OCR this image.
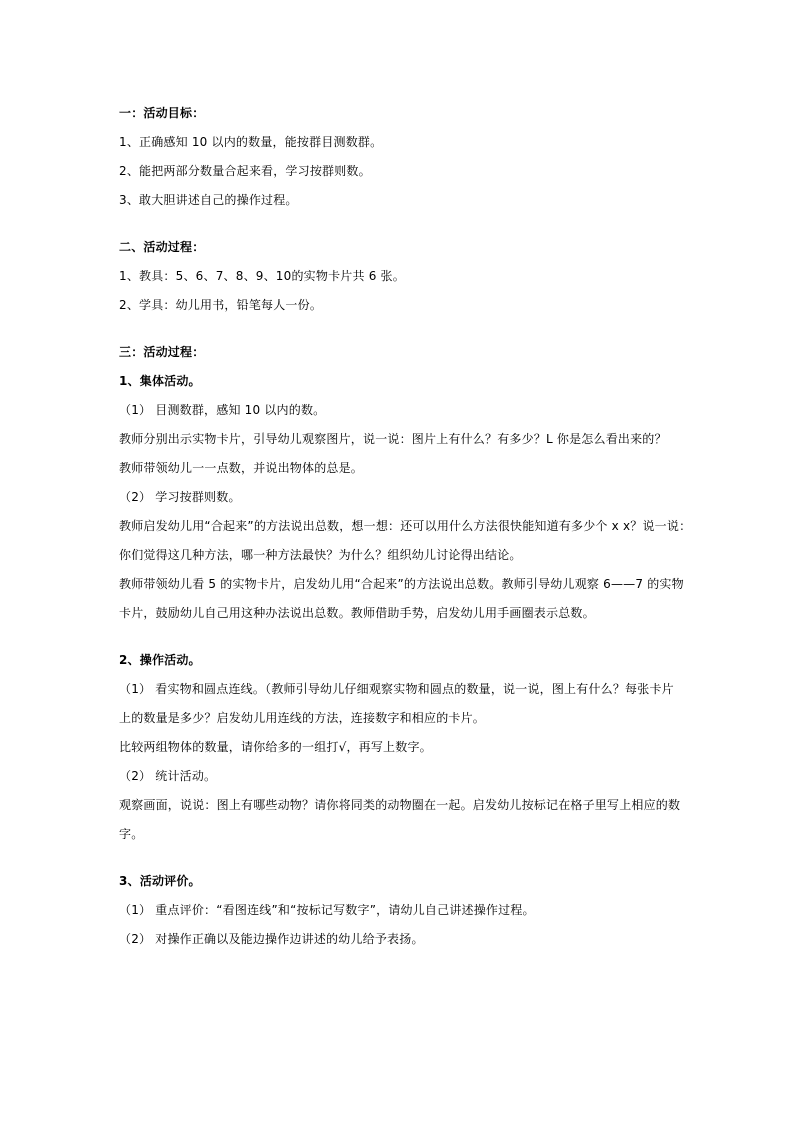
一：活动目标：
1、正确感知 10 以内的数量，能按群目测数群。
2、能把两部分数量合起来看，学习按群则数。
3、敢大胆讲述自己的操作过程。
二、活动过程：
1、教具：5、6、7、8、9、10的实物卡片共 6 张。
2、学具：幼儿用书，铅笔每人一份。
三：活动过程：
1、集体活动。
（1） 目测数群，感知 10 以内的数。
教师分别出示实物卡片，引导幼儿观察图片，说一说：图片上有什么？有多少？L 你是怎么看出来的？
教师带领幼儿一一点数，并说出物体的总是。
（2） 学习按群则数。
教师启发幼儿用“合起来”的方法说出总数，想一想：还可以用什么方法很快能知道有多少个 x x？说一说：
你们觉得这几种方法，哪一种方法最快？为什么？组织幼儿讨论得出结论。
教师带领幼儿看 5 的实物卡片，启发幼儿用“合起来”的方法说出总数。教师引导幼儿观察 6——7 的实物
卡片，鼓励幼儿自己用这种办法说出总数。教师借助手势，启发幼儿用手画圈表示总数。
2、操作活动。
（1） 看实物和圆点连线。（教师引导幼儿仔细观察实物和圆点的数量，说一说，图上有什么？每张卡片
上的数量是多少？启发幼儿用连线的方法，连接数字和相应的卡片。
比较两组物体的数量，请你给多的一组打√，再写上数字。
（2） 统计活动。
观察画面，说说：图上有哪些动物？请你将同类的动物圈在一起。启发幼儿按标记在格子里写上相应的数
字。
3、活动评价。
（1） 重点评价：“看图连线”和“按标记写数字”，请幼儿自己讲述操作过程。
（2） 对操作正确以及能边操作边讲述的幼儿给予表扬。
